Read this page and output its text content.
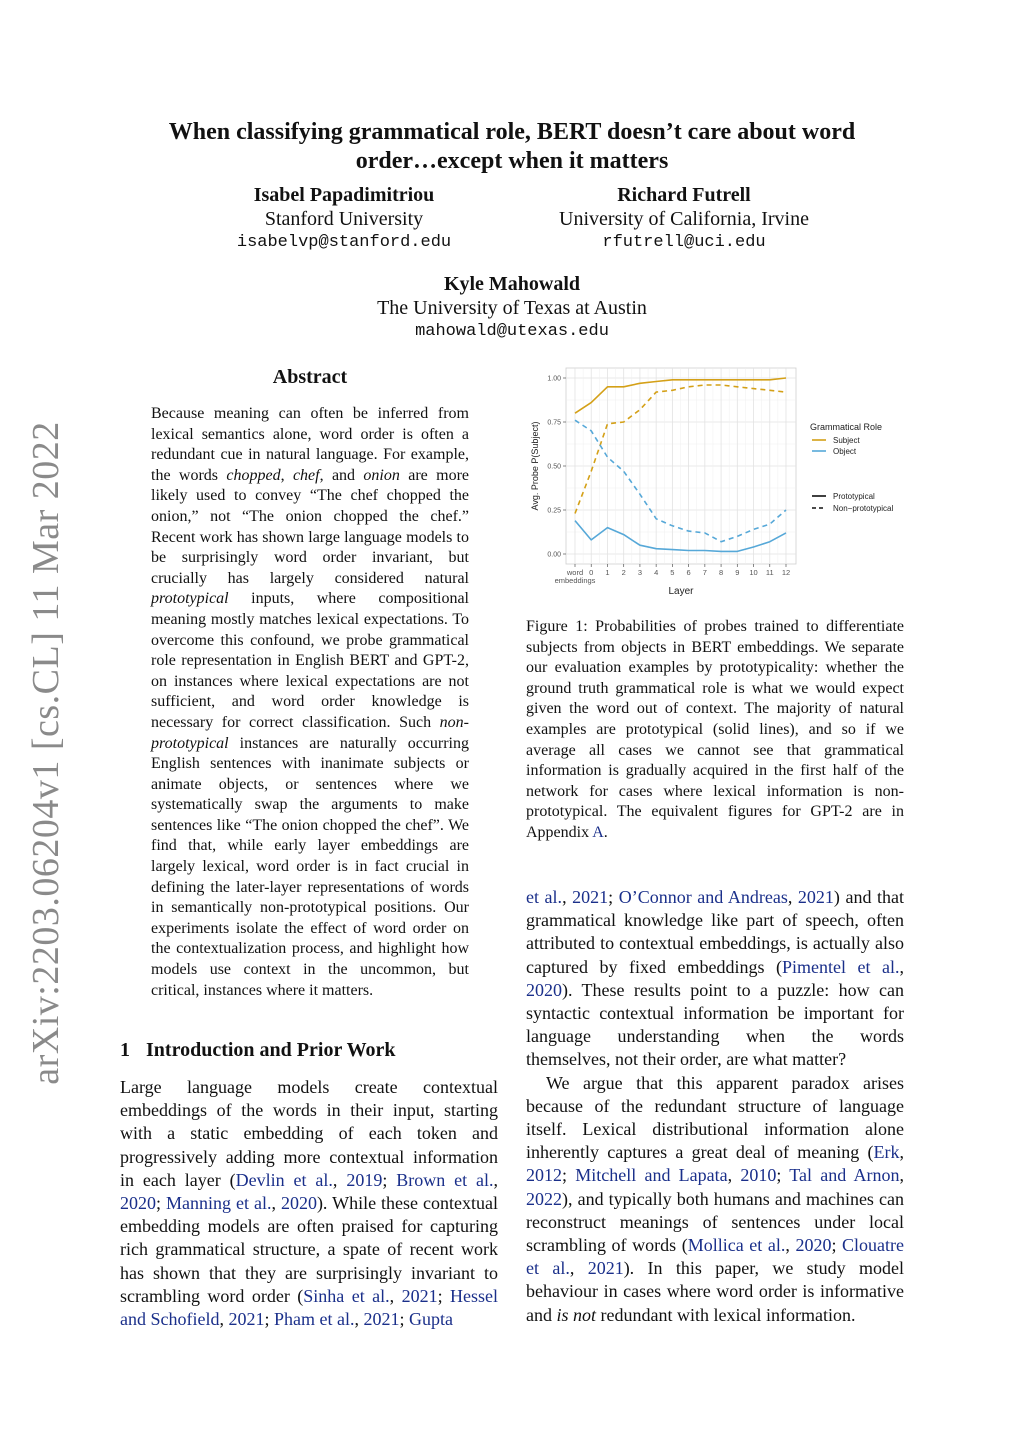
When classifying grammatical role, BERT doesn’t care about word
order…except when it matters
Isabel Papadimitriou
Stanford University
isabelvp@stanford.edu
Richard Futrell
University of California, Irvine
rfutrell@uci.edu
Kyle Mahowald
The University of Texas at Austin
mahowald@utexas.edu
arXiv:2203.06204v1 [cs.CL] 11 Mar 2022
Abstract
Because meaning can often be inferred from lexical semantics alone, word order is often a redundant cue in natural language. For example, the words chopped, chef, and onion are more likely used to convey “The chef chopped the onion,” not “The onion chopped the chef.” Recent work has shown large language models to be surprisingly word order invariant, but crucially has largely considered natural prototypical inputs, where compositional meaning mostly matches lexical expectations. To overcome this confound, we probe grammatical role representation in English BERT and GPT-2, on instances where lexical expectations are not sufficient, and word order knowledge is necessary for correct classification. Such non-prototypical instances are naturally occurring English sentences with inanimate subjects or animate objects, or sentences where we systematically swap the arguments to make sentences like “The onion chopped the chef”. We find that, while early layer embeddings are largely lexical, word order is in fact crucial in defining the later-layer representations of words in semantically non-prototypical positions. Our experiments isolate the effect of word order on the contextualization process, and highlight how models use context in the uncommon, but critical, instances where it matters.
1 Introduction and Prior Work
Large language models create contextual embeddings of the words in their input, starting with a static embedding of each token and progressively adding more contextual information in each layer (Devlin et al., 2019; Brown et al., 2020; Manning et al., 2020). While these contextual embedding models are often praised for capturing rich grammatical structure, a spate of recent work has shown that they are surprisingly invariant to scrambling word order (Sinha et al., 2021; Hessel and Schofield, 2021; Pham et al., 2021; Gupta

et al., 2021; O’Connor and Andreas, 2021) and that grammatical knowledge like part of speech, often attributed to contextual embeddings, is actually also captured by fixed embeddings (Pimentel et al., 2020). These results point to a puzzle: how can syntactic contextual information be important for language understanding when the words themselves, not their order, are what matter?

We argue that this apparent paradox arises because of the redundant structure of language itself. Lexical distributional information alone inherently captures a great deal of meaning (Erk, 2012; Mitchell and Lapata, 2010; Tal and Arnon, 2022), and typically both humans and machines can reconstruct meanings of sentences under local scrambling of words (Mollica et al., 2020; Clouatre et al., 2021). In this paper, we study model behaviour in cases where word order is informative and is not redundant with lexical information.

0.00
0.25
0.50
0.75
1.00
word
embeddings
0 1 2 3 4 5 6 7 8 9 10 11 12
Avg. Probe P(Subject)
Layer
Grammatical Role
Subject
Object
Prototypical
Non−prototypical
Figure 1: Probabilities of probes trained to differentiate subjects from objects in BERT embeddings. We separate our evaluation examples by prototypicality: whether the ground truth grammatical role is what we would expect given the word out of context. The majority of natural examples are prototypical (solid lines), and so if we average all cases we cannot see that grammatical information is gradually acquired in the first half of the network for cases where lexical information is non-prototypical. The equivalent figures for GPT-2 are in Appendix A.
